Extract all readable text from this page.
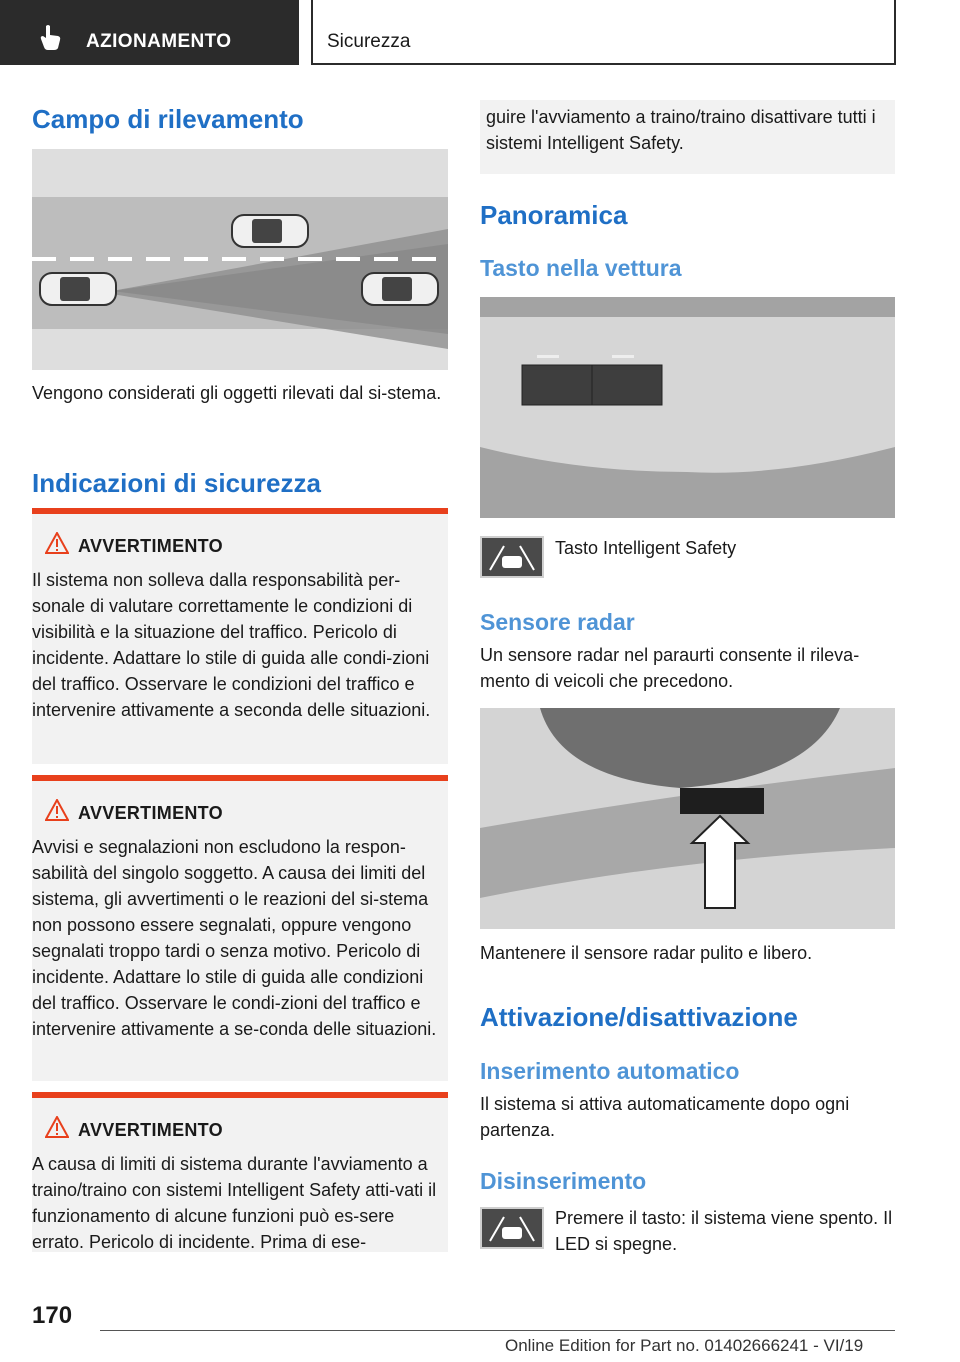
AZIONAMENTO	Sicurezza
Campo di rilevamento
Vengono considerati gli oggetti rilevati dal si-stema.
Indicazioni di sicurezza
AVVERTIMENTO
Il sistema non solleva dalla responsabilità per-sonale di valutare correttamente le condizioni di visibilità e la situazione del traffico. Pericolo di incidente. Adattare lo stile di guida alle condi-zioni del traffico. Osservare le condizioni del traffico e intervenire attivamente a seconda delle situazioni.
AVVERTIMENTO
Avvisi e segnalazioni non escludono la respon-sabilità del singolo soggetto. A causa dei limiti del sistema, gli avvertimenti o le reazioni del si-stema non possono essere segnalati, oppure vengono segnalati troppo tardi o senza motivo. Pericolo di incidente. Adattare lo stile di guida alle condizioni del traffico. Osservare le condi-zioni del traffico e intervenire attivamente a se-conda delle situazioni.
AVVERTIMENTO
A causa di limiti di sistema durante l'avviamento a traino/traino con sistemi Intelligent Safety atti-vati il funzionamento di alcune funzioni può es-sere errato. Pericolo di incidente. Prima di ese-
guire l'avviamento a traino/traino disattivare tutti i sistemi Intelligent Safety.
Panoramica
Tasto nella vettura
Tasto Intelligent Safety
Sensore radar
Un sensore radar nel paraurti consente il rileva-mento di veicoli che precedono.
Mantenere il sensore radar pulito e libero.
Attivazione/disattivazione
Inserimento automatico
Il sistema si attiva automaticamente dopo ogni partenza.
Disinserimento
Premere il tasto: il sistema viene spento. Il LED si spegne.
170
Online Edition for Part no. 01402666241 - VI/19
